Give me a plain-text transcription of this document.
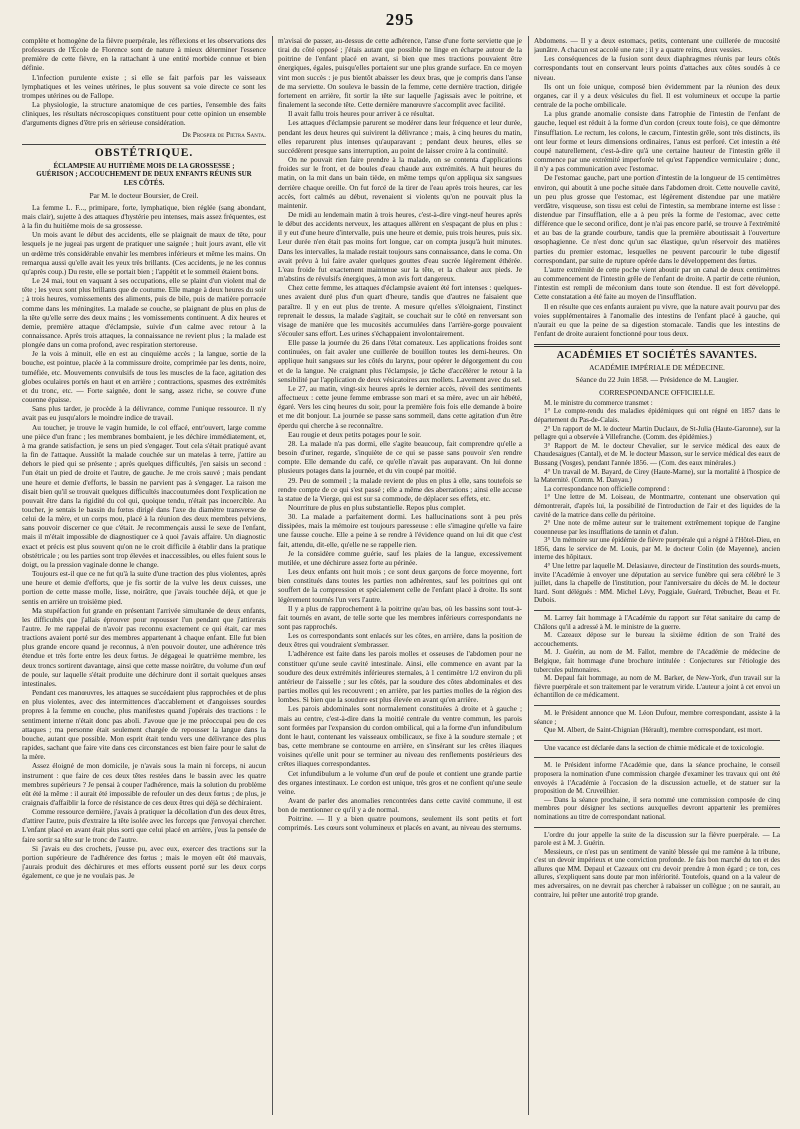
295

complète et homogène de la fièvre puerpérale, les réflexions et les observations des professeurs de l'École de Florence sont de nature à mieux déterminer l'essence première de cette fièvre, en la rattachant à une entité morbide connue et bien définie.

L'infection purulente existe ; si elle se fait parfois par les vaisseaux lymphatiques et les veines utérines, le plus souvent sa voie directe ce sont les trompes utérines ou de Fallope.

La physiologie, la structure anatomique de ces parties, l'ensemble des faits cliniques, les résultats nécroscopiques constituent pour cette opinion un ensemble d'arguments dignes d'être pris en sérieuse considération.

Dr Prosper de Pietra Santa.
OBSTÉTRIQUE.
ÉCLAMPSIE AU HUITIÈME MOIS DE LA GROSSESSE ; GUÉRISON ; ACCOUCHEMENT DE DEUX ENFANTS RÉUNIS SUR LES CÔTÉS.
Par M. le docteur Boursier, de Creil.

La femme L. F..., primipare, forte, lymphatique, bien réglée (sang abondant, mais clair), sujette à des attaques d'hystérie peu intenses, mais assez fréquentes, est à la fin du huitième mois de sa grossesse.

Un mois avant le début des accidents, elle se plaignait de maux de tête, pour lesquels je ne jugeai pas urgent de pratiquer une saignée ; huit jours avant, elle vit un œdème très considérable envahir les membres inférieurs et même les mains. On remarqua aussi qu'elle avait les yeux très brillants. (Ces accidents, je ne les connus qu'après coup.) Du reste, elle se portait bien ; l'appétit et le sommeil étaient bons.

Le 24 mai, tout en vaquant à ses occupations, elle se plaint d'un violent mal de tête ; les yeux sont plus brillants que de coutume. Elle mange à deux heures du soir ; à trois heures, vomissements des aliments, puis de bile, puis de matière porracée comme dans les méningites. La malade se couche, se plaignant de plus en plus de la tête qu'elle serre des deux mains ; les vomissements continuent. A dix heures et demie, première attaque d'éclampsie, suivie d'un calme avec retour à la connaissance. Après trois attaques, la connaissance ne revient plus ; la malade est plongée dans un coma profond, avec respiration stertoreuse.

Je la vois à minuit, elle en est au cinquième accès ; la langue, sortie de la bouche, est pointue, placée à la commissure droite, comprimée par les dents, noire, tuméfiée, etc. Mouvements convulsifs de tous les muscles de la face, agitation des globes oculaires portés en haut et en arrière ; contractions, spasmes des extrémités et du tronc, etc. — Forte saignée, dont le sang, assez riche, se couvre d'une couenne épaisse.

Sans plus tarder, je procède à la délivrance, comme l'unique ressource. Il n'y avait pas eu jusqu'alors le moindre indice de travail.

Au toucher, je trouve le vagin humide, le col effacé, entr'ouvert, large comme une pièce d'un franc ; les membranes bombaient, je les déchire immédiatement, et, à ma grande satisfaction, je sens un pied s'engager. Tout cela s'était pratiqué avant la fin de l'attaque. Aussitôt la malade couchée sur un matelas à terre, j'attire au dehors le pied qui se présente ; après quelques difficultés, j'en saisis un second : l'un était un pied de droite et l'autre, de gauche. Je me crois sauvé ; mais pendant une heure et demie d'efforts, le bassin ne parvient pas à s'engager. La raison me disait bien qu'il se trouvait quelques difficultés inaccoutumées dont l'explication ne pouvait être dans la rigidité du col qui, quoique tendu, n'était pas incoercible. Au toucher, je sentais le bassin du fœtus dirigé dans l'axe du diamètre transverse de celui de la mère, et un corps mou, placé à la réunion des deux membres pelviens, sans pouvoir discerner ce que c'était. Je recommençais aussi le sexe de l'enfant, mais il m'était impossible de diagnostiquer ce à quoi j'avais affaire. Un diagnostic exact et précis est plus souvent qu'on ne le croit difficile à établir dans la pratique obstétricale ; ou les parties sont trop élevées et inaccessibles, ou elles fuient sous le doigt, ou la pression vaginale donne le change.

Toujours est-il que ce ne fut qu'à la suite d'une traction des plus violentes, après une heure et demie d'efforts, que je fis sortir de la vulve les deux cuisses, une portion de cette masse molle, lisse, noirâtre, que j'avais touchée déjà, et que je sentis en arrière un troisième pied.

Ma stupéfaction fut grande en présentant l'arrivée simultanée de deux enfants, les difficultés que j'allais éprouver pour repousser l'un pendant que j'attirerais l'autre. Je me rappelai de n'avoir pas reconnu exactement ce qui était, car mes tractions avaient porté sur des membres appartenant à chaque enfant. Elle fut bien plus grande encore quand je reconnus, à n'en pouvoir douter, une adhérence très étendue et très forte entre les deux fœtus. Je dégageai le quatrième membre, les deux troncs sortirent davantage, ainsi que cette masse noirâtre, du volume d'un œuf de poule, sur laquelle s'était produite une déchirure dont il sortait quelques anses intestinales.

Pendant ces manœuvres, les attaques se succédaient plus rapprochées et de plus en plus violentes, avec des intermittences d'accablement et d'angoisses sourdes propres à la femme en couche, plus manifestes quand j'opérais des tractions : le sentiment interne n'était donc pas aboli. J'avoue que je me préoccupai peu de ces attaques ; ma personne était seulement chargée de repousser la langue dans la bouche, autant que possible. Mon esprit était tendu vers une délivrance des plus rapides, sachant que faire vite dans ces circonstances est bien faire pour le salut de la mère.

Assez éloigné de mon domicile, je n'avais sous la main ni forceps, ni aucun instrument : que faire de ces deux têtes restées dans le bassin avec les quatre membres supérieurs ? Je pensai à couper l'adhérence, mais la solution du problème eût été la même : il aurait été impossible de refouler un des deux fœtus ; de plus, je craignais d'affaiblir la force de résistance de ces deux êtres qui déjà se déchiraient.

Comme ressource dernière, j'avais à pratiquer la décollation d'un des deux êtres, d'attirer l'autre, puis d'extraire la tête isolée avec les forceps que j'envoyai chercher. L'enfant placé en avant était plus sorti que celui placé en arrière, j'eus la pensée de faire sortir sa tête sur le tronc de l'autre.

Si j'avais eu des crochets, j'eusse pu, avec eux, exercer des tractions sur la portion supérieure de l'adhérence des fœtus ; mais le moyen eût été mauvais, j'aurais produit des déchirures et mes efforts eussent porté sur les deux corps également, ce que je ne voulais pas. Je

m'avisai de passer, au-dessus de cette adhérence, l'anse d'une forte serviette que je tirai du côté opposé ; j'étais autant que possible ne linge en écharpe autour de la poitrine de l'enfant placé en avant, si bien que mes tractions pouvaient être énergiques, égales, puisqu'elles portaient sur une plus grande surface. En ce moyen vint mon succès : je pus bientôt abaisser les deux bras, que je compris dans l'anse de ma serviette. On souleva le bassin de la femme, cette dernière traction, dirigée fortement en arrière, fit sortir la tête sur laquelle j'agissais avec le poitrine, et finalement la seconde tête. Cette dernière manœuvre s'accomplit avec facilité.

Il avait fallu trois heures pour arriver à ce résultat.

Les attaques d'éclampsie parurent se modérer dans leur fréquence et leur durée, pendant les deux heures qui suivirent la délivrance ; mais, à cinq heures du matin, elles reparurent plus intenses qu'auparavant ; pendant deux heures, elles se succédèrent presque sans interruption, au point de laisser croire à la continuité.

On ne pouvait rien faire prendre à la malade, on se contenta d'applications froides sur le front, et de boules d'eau chaude aux extrémités. A huit heures du matin, on la mit dans un bain tiède, en même temps qu'on appliqua six sangsues derrière chaque oreille. On fut forcé de la tirer de l'eau après trois heures, car les accès, fort calmés au début, revenaient si violents qu'on ne pouvait plus la maintenir.

De midi au lendemain matin à trois heures, c'est-à-dire vingt-neuf heures après le début des accidents nerveux, les attaques allèrent en s'espaçant de plus en plus : il y eut d'une heure d'intervalle, puis une heure et demie, puis trois heures, puis six. Leur durée n'en était pas moins fort longue, car on compta jusqu'à huit minutes. Dans les intervalles, la malade restait toujours sans connaissance, dans le coma. On avait prévu à lui faire avaler quelques gouttes d'eau sucrée légèrement éthérée. L'eau froide fut exactement maintenue sur la tête, et la chaleur aux pieds. Je m'abstins de révulsifs énergiques, à mon avis fort dangereux.

Chez cette femme, les attaques d'éclampsie avaient été fort intenses : quelques-unes avaient duré plus d'un quart d'heure, tandis que d'autres ne faisaient que paraître. Il y en eut plus de trente. A mesure qu'elles s'éloignaient, l'instinct reprenait le dessus, la malade s'agitait, se couchait sur le côté en renversant son visage de manière que les mucosités accumulées dans l'arrière-gorge pouvaient s'écouler sans effort. Les urines s'échappaient involontairement.

Elle passe la journée du 26 dans l'état comateux. Les applications froides sont continuées, on fait avaler une cuillerée de bouillon toutes les demi-heures. On applique huit sangsues sur les côtés du larynx, pour opérer le dégorgement du cou et de la langue. Ne craignant plus l'éclampsie, je tâche d'accélérer le retour à la sensibilité par l'application de deux vésicatoires aux mollets. Lavement avec du sel.

Le 27, au matin, vingt-six heures après le dernier accès, réveil des sentiments affectueux : cette jeune femme embrasse son mari et sa mère, avec un air hébété, égaré. Vers les cinq heures du soir, pour la première fois fois elle demande à boire et me dit bonjour. La journée se passe sans sommeil, dans cette agitation d'un être éperdu qui cherche à se reconnaître.

Eau rougie et deux petits potages pour le soir.

28. La malade n'a pas dormi, elle s'agite beaucoup, fait comprendre qu'elle a besoin d'uriner, regarde, s'inquiète de ce qui se passe sans pouvoir s'en rendre compte. Elle demande du café, ce qu'elle n'avait pas auparavant. On lui donne plusieurs potages dans la journée, et du vin coupé par moitié.

29. Peu de sommeil ; la malade revient de plus en plus à elle, sans toutefois se rendre compte de ce qui s'est passé ; elle a même des aberrations ; ainsi elle accuse la statue de la Vierge, qui est sur sa commode, de déplacer ses effets, etc.

Nourriture de plus en plus substantielle. Repos plus complet.

30. La malade a parfaitement dormi. Les hallucinations sont à peu près dissipées, mais la mémoire est toujours paresseuse : elle s'imagine qu'elle va faire une fausse couche. Elle a peine à se rendre à l'évidence quand on lui dit que c'est fait, attendu, dit-elle, qu'elle ne se rappelle rien.

Je la considère comme guérie, sauf les plaies de la langue, excessivement mutilée, et une déchirure assez forte au périnée.

Les deux enfants ont huit mois ; ce sont deux garçons de force moyenne, fort bien constitués dans toutes les parties non adhérentes, sauf les poitrines qui ont souffert de la compression et spécialement celle de l'enfant placé à droite. Ils sont légèrement tournés l'un vers l'autre.

Il y a plus de rapprochement à la poitrine qu'au bas, où les bassins sont tout-à-fait tournés en avant, de telle sorte que les membres inférieurs correspondants ne sont pas rapprochés.

Les os correspondants sont enlacés sur les côtes, en arrière, dans la position de deux êtres qui voudraient s'embrasser.

L'adhérence est faite dans les parois molles et osseuses de l'abdomen pour ne constituer qu'une seule cavité intestinale. Ainsi, elle commence en avant par la soudure des deux extrémités inférieures sternales, à 1 centimètre 1/2 environ du pli antérieur de l'aisselle ; sur les côtés, par la soudure des côtes abdominales et des parties molles qui les recouvrent ; en arrière, par les parties molles de la région des lombes. Si bien que la soudure est plus élevée en avant qu'en arrière.

Les parois abdominales sont normalement constituées à droite et à gauche ; mais au centre, c'est-à-dire dans la moitié centrale du ventre commun, les parois sont formées par l'expansion du cordon ombilical, qui a la forme d'un infundibulum dont le haut, contenant les vaisseaux ombilicaux, se fixe à la soudure sternale ; et bas, cette membrane se contourne en arrière, en s'insérant sur les crêtes iliaques voisines qu'elle unit pour se terminer au niveau des renflements postérieurs des crêtes iliaques correspondantes.

Cet infundibulum a le volume d'un œuf de poule et contient une grande partie des organes intestinaux. Le cordon est unique, très gros et ne confient qu'une seule veine.

Avant de parler des anomalies rencontrées dans cette cavité commune, il est bon de mentionner ce qu'il y a de normal.

Poitrine. — Il y a bien quatre poumons, seulement ils sont petits et fort comprimés. Les cœurs sont volumineux et placés en avant, au niveau des sternums.

Abdomens. — Il y a deux estomacs, petits, contenant une cuillerée de mucosité jaunâtre. A chacun est accolé une rate ; il y a quatre reins, deux vessies.

Les conséquences de la fusion sont deux diaphragmes réunis par leurs côtés correspondants tout en conservant leurs points d'attaches aux côtes soudés à ce niveau.

Ils ont un foie unique, composé bien évidemment par la réunion des deux organes, car il y a deux vésicules du fiel. Il est volumineux et occupe la partie centrale de la poche ombilicale.

La plus grande anomalie consiste dans l'atrophie de l'intestin de l'enfant de gauche, lequel est réduit à la forme d'un cordon (creux toute fois), ce que démontre l'insufflation. Le rectum, les colons, le cæcum, l'intestin grêle, sont très distincts, ils ont leur forme et leurs dimensions ordinaires, l'anus est perforé. Cet intestin a été coupé naturellement, c'est-à-dire qu'à une certaine hauteur de l'intestin grêle il commence par une extrémité imperforée tel qu'est l'appendice vermiculaire ; donc, il n'y a pas communication avec l'estomac.

De l'estomac gauche, part une portion d'intestin de la longueur de 15 centimètres environ, qui aboutit à une poche située dans l'abdomen droit. Cette nouvelle cavité, un peu plus grosse que l'estomac, est légèrement distendue par une matière verdâtre, visqueuse, son tissu est celui de l'intestin, sa membrane interne est lisse : distendue par l'insufflation, elle a à peu près la forme de l'estomac, avec cette différence que le second orifice, dont je n'ai pas encore parlé, se trouve à l'extrémité et au bas de la grande courbure, tandis que la première aboutissait à l'ouverture œsophagienne. Ce n'est donc qu'un sac élastique, qu'un réservoir des matières parties du premier estomac, lesquelles ne peuvent parcourir le tube digestif correspondant, par suite de rupture opérée dans le développement des fœtus.

L'autre extrémité de cette poche vient aboutir par un canal de deux centimètres au commencement de l'intestin grêle de l'enfant de droite. A partir de cette réunion, l'intestin est rempli de méconium dans toute son étendue. Il est fort développé. Cette constatation a été faite au moyen de l'insufflation.

Il en résulte que ces enfants auraient pu vivre, que la nature avait pourvu par des voies supplémentaires à l'anomalie des intestins de l'enfant placé à gauche, qui n'aurait eu que la peine de sa digestion stomacale. Tandis que les intestins de l'enfant de droite auraient fonctionné pour tous deux.

ACADÉMIES ET SOCIÉTÉS SAVANTES.
ACADÉMIE IMPÉRIALE DE MÉDECINE.
Séance du 22 Juin 1858. — Présidence de M. Laugier.
CORRESPONDANCE OFFICIELLE.

M. le ministre du commerce transmet :

1° Le compte-rendu des maladies épidémiques qui ont régné en 1857 dans le département du Pas-de-Calais.

2° Un rapport de M. le docteur Martin Duclaux, de St-Julia (Haute-Garonne), sur la pellagre qui a observée à Villefranche. (Comm. des épidémies.)

3° Rapport de M. le docteur Chevalier, sur le service médical des eaux de Chaudesaigues (Cantal), et de M. le docteur Masson, sur le service médical des eaux de Bussang (Vosges), pendant l'année 1856. — (Com. des eaux minérales.)

4° Un travail de M. Bayard, de Cirey (Haute-Marne), sur la mortalité à l'hospice de la Maternité. (Comm. M. Danyau.)

La correspondance non officielle comprend :

1° Une lettre de M. Loiseau, de Montmartre, contenant une observation qui démontrerait, d'après lui, la possibilité de l'introduction de l'air et des liquides de la cavité de la matrice dans celle du péritoine.

2° Une note de même auteur sur le traitement extrêmement topique de l'angine couenneuse par les insufflations de tannin et d'alun.

3° Un mémoire sur une épidémie de fièvre puerpérale qui a régné à l'Hôtel-Dieu, en 1856, dans le service de M. Louis, par M. le docteur Colin (de Mayenne), ancien interne des hôpitaux.

4° Une lettre par laquelle M. Delasiauve, directeur de l'institution des sourds-muets, invite l'Académie à envoyer une députation au service funèbre qui sera célébré le 3 juillet, dans la chapelle de l'institution, pour l'anniversaire du décès de M. le docteur Itard. Sont délégués : MM. Michel Lévy, Poggiale, Guérard, Trébuchet, Beau et Fr. Dubois.

M. Larrey fait hommage à l'Académie du rapport sur l'état sanitaire du camp de Châlons qu'il a adressé à M. le ministre de la guerre.

M. Cazeaux dépose sur le bureau la sixième édition de son Traité des accouchements.

M. J. Guérin, au nom de M. Fallot, membre de l'Académie de médecine de Belgique, fait hommage d'une brochure intitulée : Conjectures sur l'étiologie des tubercules pulmonaires.

M. Depaul fait hommage, au nom de M. Barker, de New-York, d'un travail sur la fièvre puerpérale et son traitement par le veratrum viride. L'auteur a joint à cet envoi un échantillon de ce médicament.

M. le Président annonce que M. Léon Dufour, membre correspondant, assiste à la séance ;

Que M. Albert, de Saint-Chignian (Hérault), membre correspondant, est mort.

Une vacance est déclarée dans la section de chimie médicale et de toxicologie.

M. le Président informe l'Académie que, dans la séance prochaine, le conseil proposera la nomination d'une commission chargée d'examiner les travaux qui ont été envoyés à l'Académie à l'occasion de la discussion actuelle, et de statuer sur la proposition de M. Cruveilhier.

— Dans la séance prochaine, il sera nommé une commission composée de cinq membres pour désigner les sections auxquelles devront appartenir les premières nominations au titre de correspondant national.

L'ordre du jour appelle la suite de la discussion sur la fièvre puerpérale. — La parole est à M. J. Guérin.

Messieurs, ce n'est pas un sentiment de vanité blessée qui me ramène à la tribune, c'est un devoir impérieux et une conviction profonde. Je fais bon marché du ton et des allures que MM. Depaul et Cazeaux ont cru devoir prendre à mon égard ; ce ton, ces allures, s'expliquent sans doute par mon infériorité. Toutefois, quand on a la valeur de mes adversaires, on ne devrait pas chercher à rabaisser un collègue ; on ne saurait, au contraire, lui prêter une autorité trop grande.
